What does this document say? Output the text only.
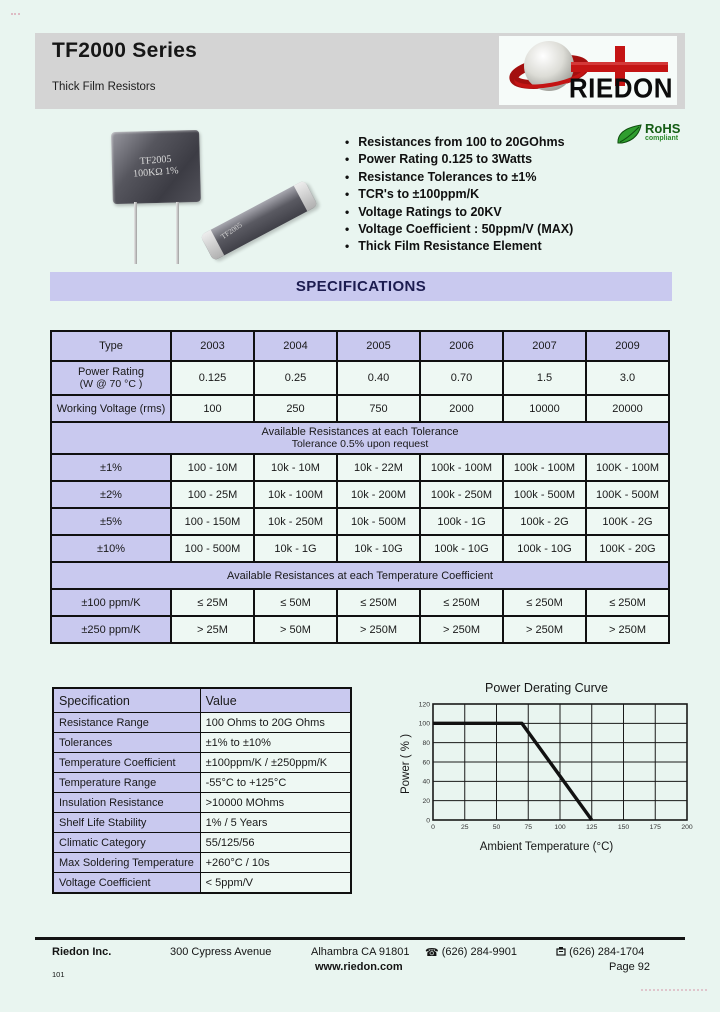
TF2000 Series
Thick Film Resistors	RIEDON
TF2005
100KΩ 1%
TF2005
• Resistances from 100 to 20GOhms
• Power Rating 0.125 to 3Watts
• Resistance Tolerances to ±1%
• TCR's to ±100ppm/K
• Voltage Ratings to 20KV
• Voltage Coefficient : 50ppm/V (MAX)
• Thick Film Resistance Element
RoHS
compliant
SPECIFICATIONS
Type	2003	2004	2005	2006	2007	2009

Power Rating
(W @ 70 °C )	0.125	0.25	0.40	0.70	1.5	3.0
Working Voltage (rms)	100	250	750	2000	10000	20000

Available Resistances at each Tolerance
Tolerance 0.5% upon request						

±1%	100 - 10M	10k - 10M	10k - 22M	100k - 100M	100k - 100M	100K - 100M
±2%	100 - 25M	10k - 100M	10k - 200M	100k - 250M	100k - 500M	100K - 500M
±5%	100 - 150M	10k - 250M	10k - 500M	100k - 1G	100k - 2G	100K - 2G
±10%	100 - 500M	10k - 1G	10k - 10G	100k - 10G	100k - 10G	100K - 20G
Available Resistances at each Temperature Coefficient						
±100 ppm/K	≤ 25M	≤ 50M	≤ 250M	≤ 250M	≤ 250M	≤ 250M
±250 ppm/K	> 25M	> 50M	> 250M	> 250M	> 250M	> 250M
Specification	Value
Resistance Range	100 Ohms to 20G Ohms
Tolerances	±1% to ±10%
Temperature Coefficient	±100ppm/K / ±250ppm/K
Temperature Range	-55°C to +125°C
Insulation Resistance	>10000 MOhms
Shelf Life Stability	1% / 5 Years
Climatic Category	55/125/56
Max Soldering Temperature	+260°C / 10s
Voltage Coefficient	< 5ppm/V
Power Derating Curve
Power ( % )
0	25	50	75	100	125	150	175	200
0
20
40
60
80
100
120
Ambient Temperature (°C)
Riedon Inc.	300 Cypress Avenue	Alhambra CA 91801 ☎ (626) 284-9901	(626) 284-1704
www.riedon.com	Page 92
101
